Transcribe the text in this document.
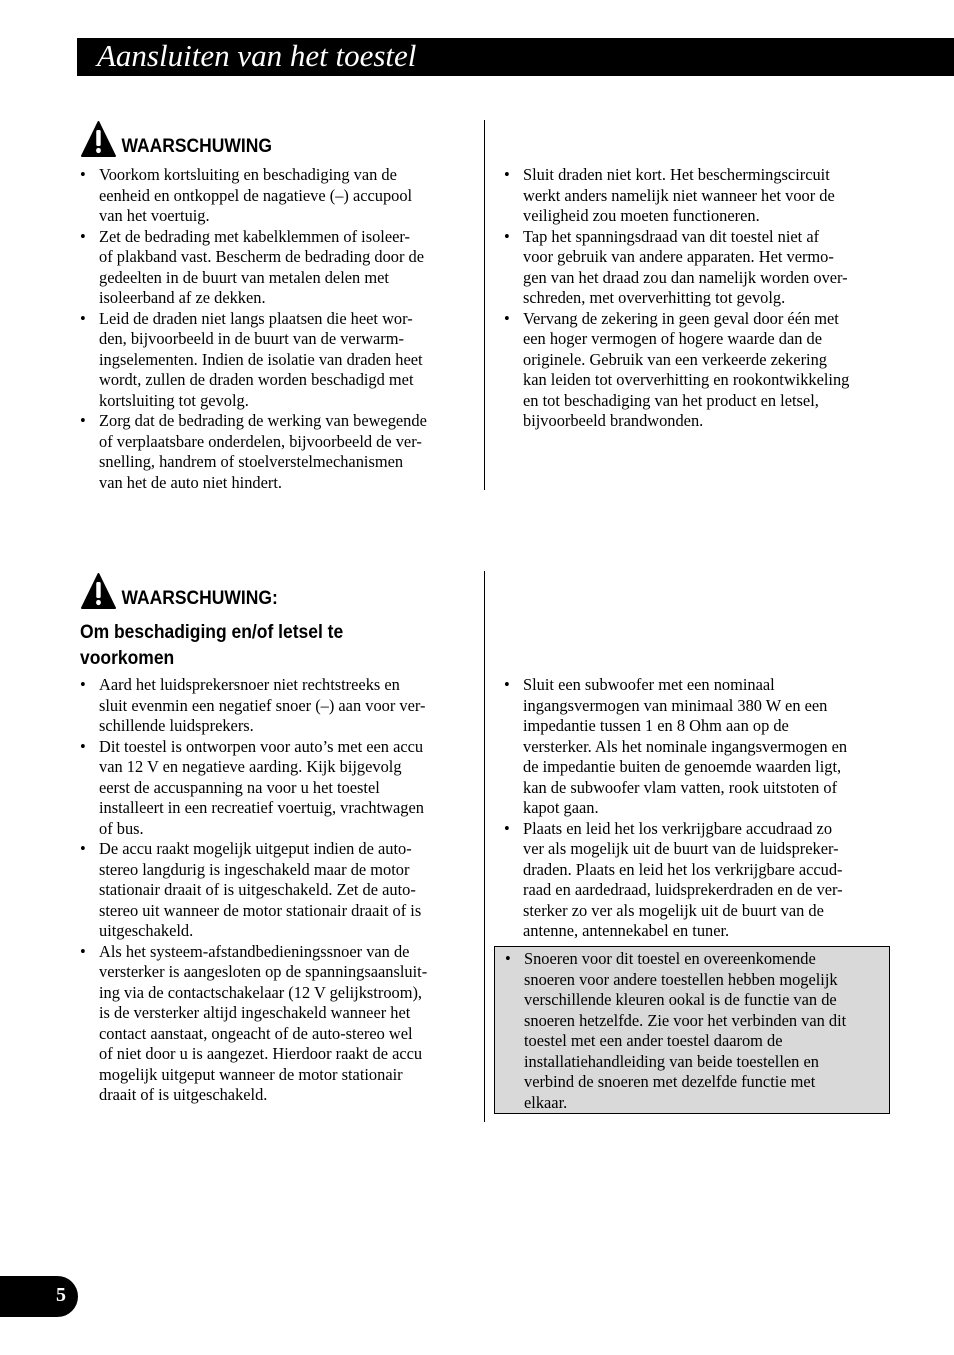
Aansluiten van het toestel
WAARSCHUWING
• Voorkom kortsluiting en beschadiging van de
eenheid en ontkoppel de nagatieve (–) accupool
van het voertuig.
• Zet de bedrading met kabelklemmen of isoleer-
of plakband vast. Bescherm de bedrading door de
gedeelten in de buurt van metalen delen met
isoleerband af ze dekken.
• Leid de draden niet langs plaatsen die heet wor-
den, bijvoorbeeld in de buurt van de verwarm-
ingselementen. Indien de isolatie van draden heet
wordt, zullen de draden worden beschadigd met
kortsluiting tot gevolg.
• Zorg dat de bedrading de werking van bewegende
of verplaatsbare onderdelen, bijvoorbeeld de ver-
snelling, handrem of stoelverstelmechanismen
van het de auto niet hindert.
• Sluit draden niet kort. Het beschermingscircuit
werkt anders namelijk niet wanneer het voor de
veiligheid zou moeten functioneren.
• Tap het spanningsdraad van dit toestel niet af
voor gebruik van andere apparaten. Het vermo-
gen van het draad zou dan namelijk worden over-
schreden, met oververhitting tot gevolg.
• Vervang de zekering in geen geval door één met
een hoger vermogen of hogere waarde dan de
originele. Gebruik van een verkeerde zekering
kan leiden tot oververhitting en rookontwikkeling
en tot beschadiging van het product en letsel,
bijvoorbeeld brandwonden.
WAARSCHUWING:
Om beschadiging en/of letsel te
voorkomen
• Aard het luidsprekersnoer niet rechtstreeks en
sluit evenmin een negatief snoer (–) aan voor ver-
schillende luidsprekers.
• Dit toestel is ontworpen voor auto’s met een accu
van 12 V en negatieve aarding. Kijk bijgevolg
eerst de accuspanning na voor u het toestel
installeert in een recreatief voertuig, vrachtwagen
of bus.
• De accu raakt mogelijk uitgeput indien de auto-
stereo langdurig is ingeschakeld maar de motor
stationair draait of is uitgeschakeld. Zet de auto-
stereo uit wanneer de motor stationair draait of is
uitgeschakeld.
• Als het systeem-afstandbedieningssnoer van de
versterker is aangesloten op de spanningsaansluit-
ing via de contactschakelaar (12 V gelijkstroom),
is de versterker altijd ingeschakeld wanneer het
contact aanstaat, ongeacht of de auto-stereo wel
of niet door u is aangezet. Hierdoor raakt de accu
mogelijk uitgeput wanneer de motor stationair
draait of is uitgeschakeld.
• Sluit een subwoofer met een nominaal
ingangsvermogen van minimaal 380 W en een
impedantie tussen 1 en 8 Ohm aan op de
versterker. Als het nominale ingangsvermogen en
de impedantie buiten de genoemde waarden ligt,
kan de subwoofer vlam vatten, rook uitstoten of
kapot gaan.
• Plaats en leid het los verkrijgbare accudraad zo
ver als mogelijk uit de buurt van de luidspreker-
draden. Plaats en leid het los verkrijgbare accud-
raad en aardedraad, luidsprekerdraden en de ver-
sterker zo ver als mogelijk uit de buurt van de
antenne, antennekabel en tuner.
• Snoeren voor dit toestel en overeenkomende
snoeren voor andere toestellen hebben mogelijk
verschillende kleuren ookal is de functie van de
snoeren hetzelfde. Zie voor het verbinden van dit
toestel met een ander toestel daarom de
installatiehandleiding van beide toestellen en
verbind de snoeren met dezelfde functie met
elkaar.
5
